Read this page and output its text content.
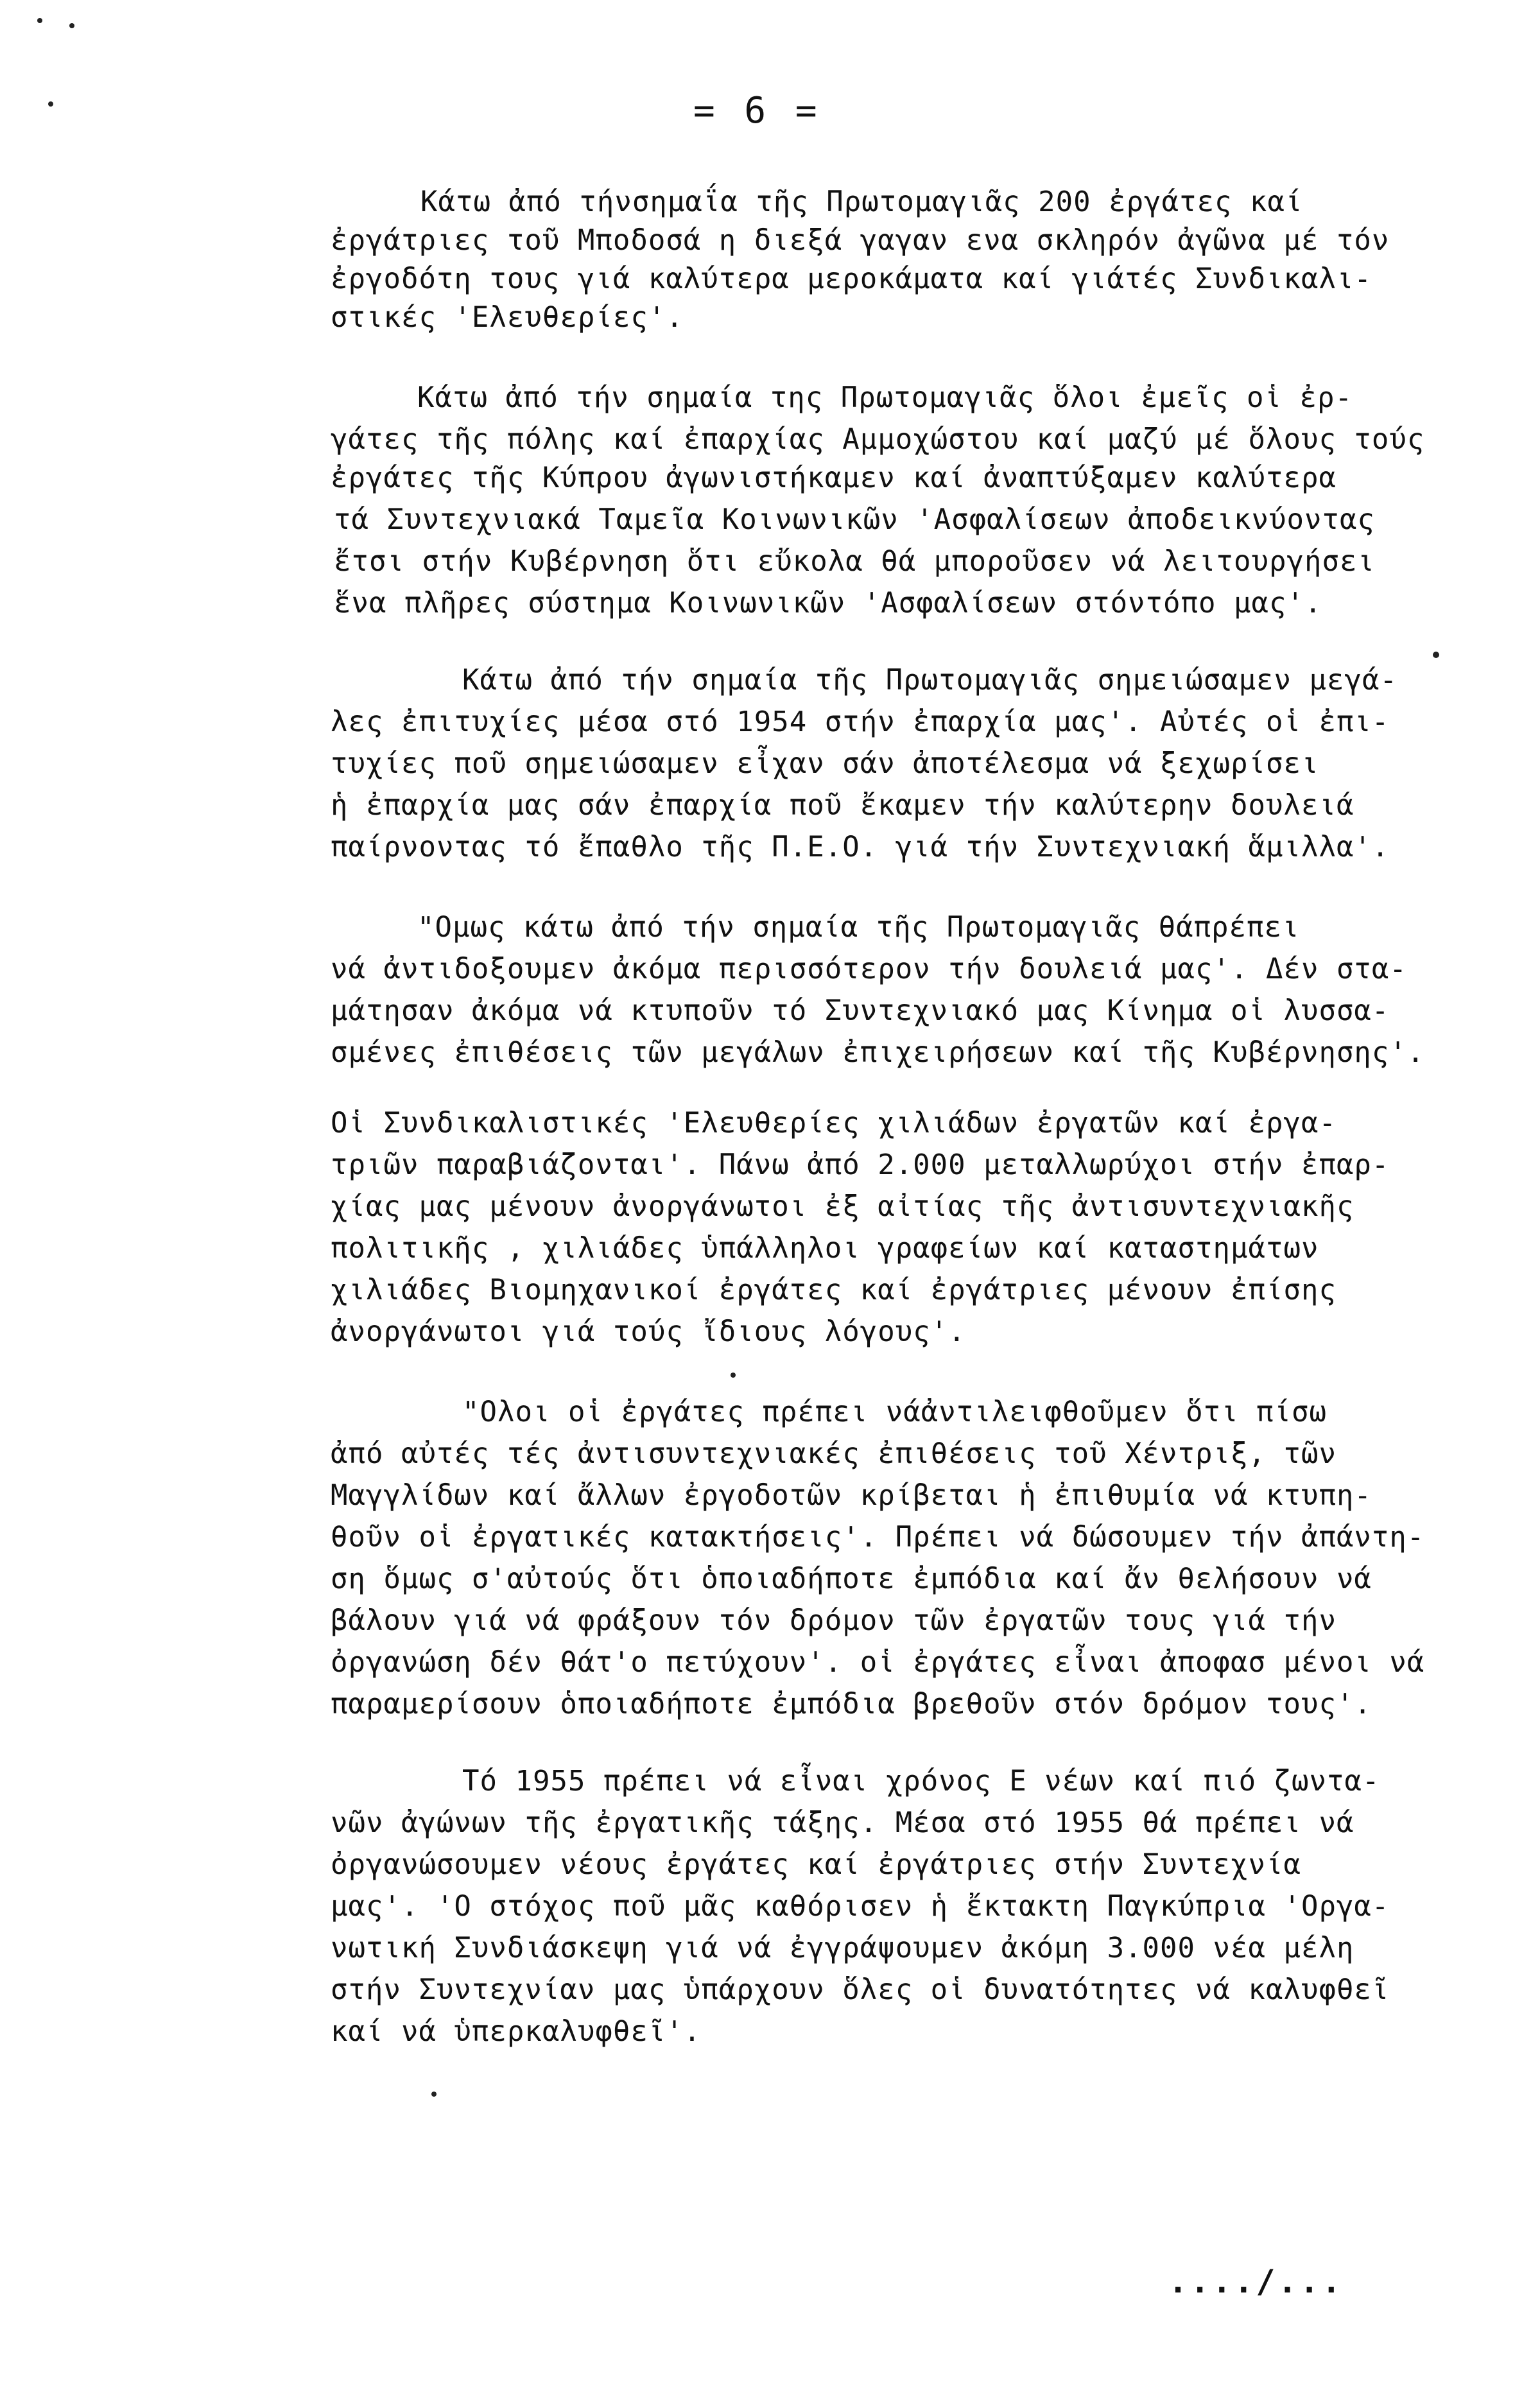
= 6 =
Κάτω ἀπό τήνσημαΐα τῆς Πρωτομαγιᾶς 200 ἐργάτες καί
ἐργάτριες τοῦ Μποδοσά η διεξά γαγαν ενα σκληρόν ἀγῶνα μέ τόν
ἐργοδότη τους γιά καλύτερα μεροκάματα καί γιάτές Συνδικαλι-
στικές 'Ελευθερίες'.
Κάτω ἀπό τήν σημαία της Πρωτομαγιᾶς ὅλοι ἐμεῖς οἱ ἐρ-
γάτες τῆς πόλης καί ἐπαρχίας Αμμοχώστου καί μαζύ μέ ὅλους τούς
ἐργάτες τῆς Κύπρου ἀγωνιστήκαμεν καί ἀναπτύξαμεν καλύτερα
τά Συντεχνιακά Ταμεῖα Κοινωνικῶν 'Ασφαλίσεων ἀποδεικνύοντας
ἔτσι στήν Κυβέρνηση ὅτι εὔκολα θά μποροῦσεν νά λειτουργήσει
ἕνα πλῆρες σύστημα Κοινωνικῶν 'Ασφαλίσεων στόντόπο μας'.
Κάτω ἀπό τήν σημαία τῆς Πρωτομαγιᾶς σημειώσαμεν μεγά-
λες ἐπιτυχίες μέσα στό 1954 στήν ἐπαρχία μας'. Αὐτές οἱ ἐπι-
τυχίες ποῦ σημειώσαμεν εἶχαν σάν ἀποτέλεσμα νά ξεχωρίσει
ἡ ἐπαρχία μας σάν ἐπαρχία ποῦ ἔκαμεν τήν καλύτερην δουλειά
παίρνοντας τό ἔπαθλο τῆς Π.Ε.Ο. γιά τήν Συντεχνιακή ἅμιλλα'.
"Ομως κάτω ἀπό τήν σημαία τῆς Πρωτομαγιᾶς θάπρέπει
νά ἀντιδοξουμεν ἀκόμα περισσότερον τήν δουλειά μας'. Δέν στα-
μάτησαν ἀκόμα νά κτυποῦν τό Συντεχνιακό μας Κίνημα οἱ λυσσα-
σμένες ἐπιθέσεις τῶν μεγάλων ἐπιχειρήσεων καί τῆς Κυβέρνησης'.
Οἱ Συνδικαλιστικές 'Ελευθερίες χιλιάδων ἐργατῶν καί ἐργα-
τριῶν παραβιάζονται'. Πάνω ἀπό 2.000 μεταλλωρύχοι στήν ἐπαρ-
χίας μας μένουν ἀνοργάνωτοι ἐξ αἰτίας τῆς ἀντισυντεχνιακῆς
πολιτικῆς , χιλιάδες ὑπάλληλοι γραφείων καί καταστημάτων
χιλιάδες Βιομηχανικοί ἐργάτες καί ἐργάτριες μένουν ἐπίσης
ἀνοργάνωτοι γιά τούς ἴδιους λόγους'.
"Ολοι οἱ ἐργάτες πρέπει νάἀντιλειφθοῦμεν ὅτι πίσω
ἀπό αὐτές τές ἀντισυντεχνιακές ἐπιθέσεις τοῦ Χέντριξ, τῶν
Μαγγλίδων καί ἄλλων ἐργοδοτῶν κρίβεται ἡ ἐπιθυμία νά κτυπη-
θοῦν οἱ ἐργατικές κατακτήσεις'. Πρέπει νά δώσουμεν τήν ἀπάντη-
ση ὅμως σ'αὐτούς ὅτι ὁποιαδήποτε ἐμπόδια καί ἄν θελήσουν νά
βάλουν γιά νά φράξουν τόν δρόμον τῶν ἐργατῶν τους γιά τήν
ὀργανώση δέν θάτ'ο πετύχουν'. οἱ ἐργάτες εἶναι ἀποφασ μένοι νά
παραμερίσουν ὁποιαδήποτε ἐμπόδια βρεθοῦν στόν δρόμον τους'.
Τό 1955 πρέπει νά εἶναι χρόνος Ε νέων καί πιό ζωντα-
νῶν ἀγώνων τῆς ἐργατικῆς τάξης. Μέσα στό 1955 θά πρέπει νά
ὀργανώσουμεν νέους ἐργάτες καί ἐργάτριες στήν Συντεχνία
μας'. 'Ο στόχος ποῦ μᾶς καθόρισεν ἡ ἔκτακτη Παγκύπρια 'Οργα-
νωτική Συνδιάσκεψη γιά νά ἐγγράψουμεν ἀκόμη 3.000 νέα μέλη
στήν Συντεχνίαν μας ὑπάρχουν ὅλες οἱ δυνατότητες νά καλυφθεῖ
καί νά ὑπερκαλυφθεῖ'.
..../...
